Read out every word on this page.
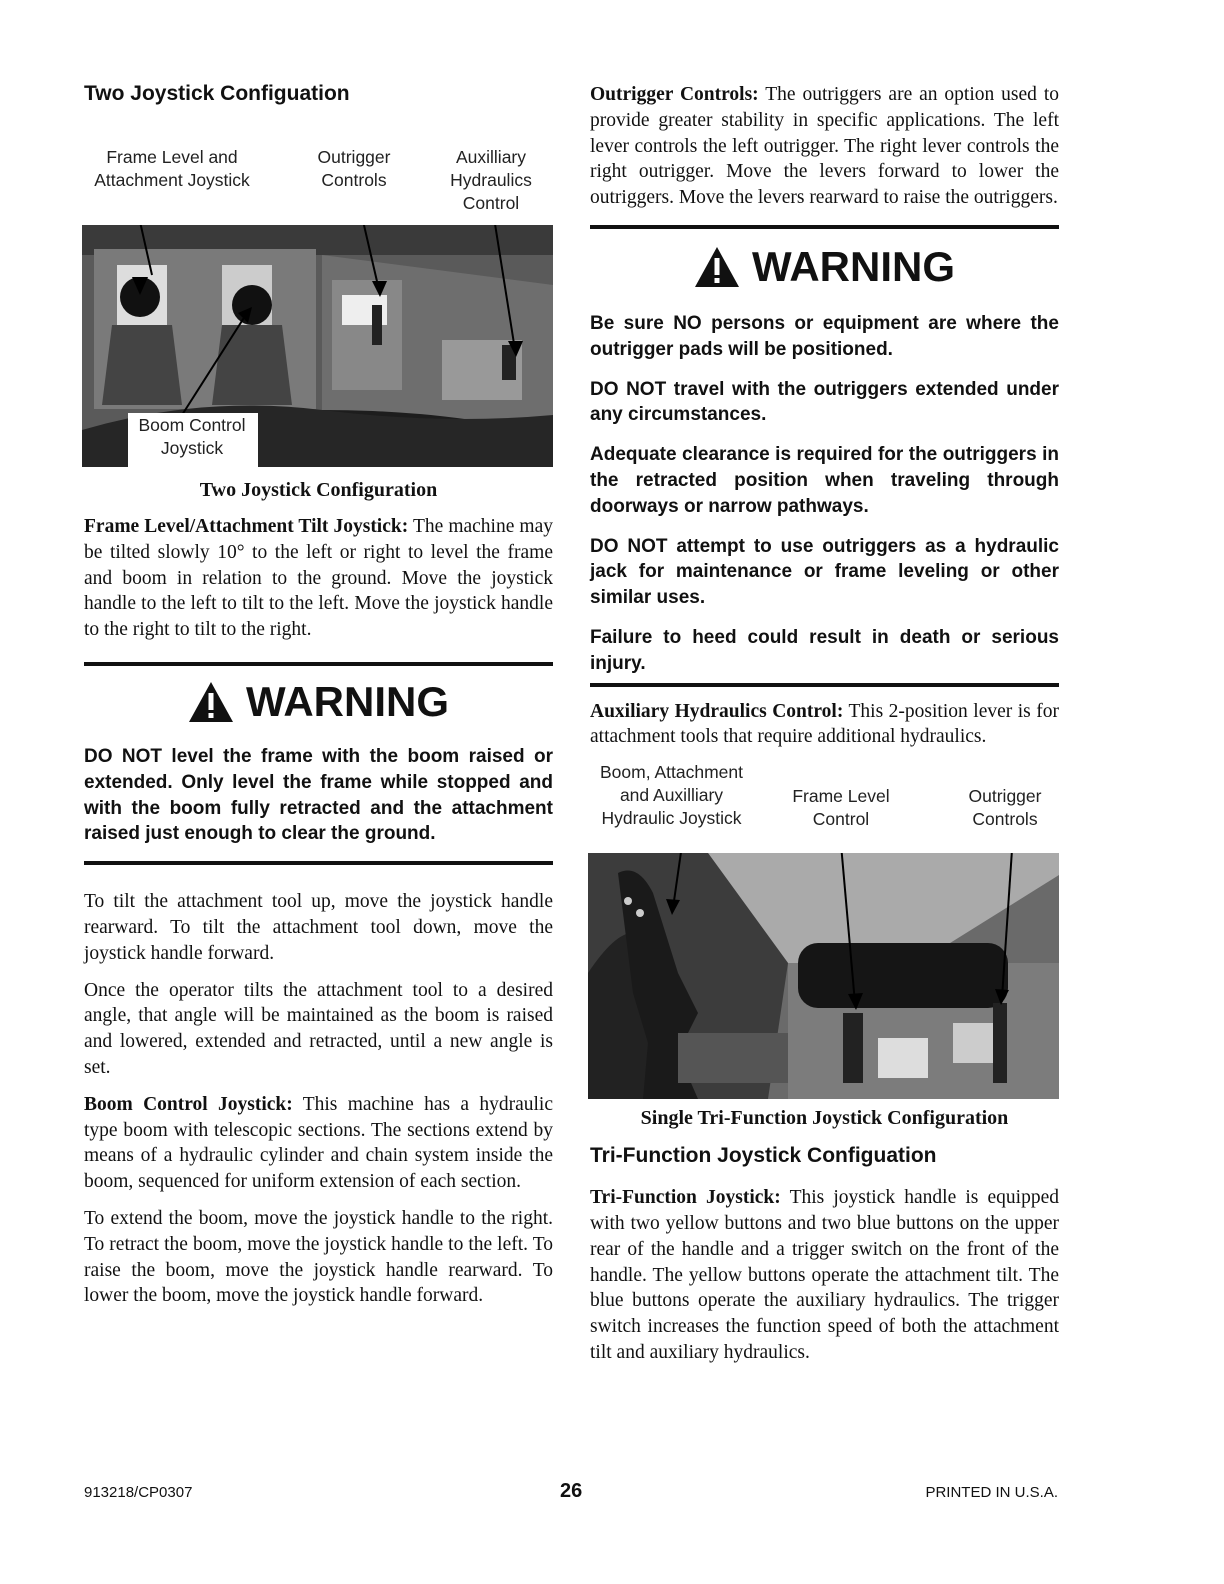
Two Joystick Configuation
Frame Level and Attachment Joystick
Outrigger Controls
Auxilliary Hydraulics Control
Boom Control Joystick
Two Joystick Configuration

Frame Level/Attachment Tilt Joystick: The machine may be tilted slowly 10° to the left or right to level the frame and boom in relation to the ground. Move the joystick handle to the left to tilt to the left. Move the joystick handle to the right to tilt to the right.

WARNING

DO NOT level the frame with the boom raised or extended. Only level the frame while stopped and with the boom fully retracted and the attachment raised just enough to clear the ground.

To tilt the attachment tool up, move the joystick handle rearward. To tilt the attachment tool down, move the joystick handle forward.

Once the operator tilts the attachment tool to a desired angle, that angle will be maintained as the boom is raised and lowered, extended and retracted, until a new angle is set.

Boom Control Joystick: This machine has a hydraulic type boom with telescopic sections. The sections extend by means of a hydraulic cylinder and chain system inside the boom, sequenced for uniform extension of each section.

To extend the boom, move the joystick handle to the right. To retract the boom, move the joystick handle to the left. To raise the boom, move the joystick handle rearward. To lower the boom, move the joystick handle forward.

Outrigger Controls: The outriggers are an option used to provide greater stability in specific applications. The left lever controls the left outrigger. The right lever controls the right outrigger. Move the levers forward to lower the outriggers. Move the levers rearward to raise the outriggers.

WARNING

Be sure NO persons or equipment are where the outrigger pads will be positioned.

DO NOT travel with the outriggers extended under any circumstances.

Adequate clearance is required for the outriggers in the retracted position when traveling through doorways or narrow pathways.

DO NOT attempt to use outriggers as a hydraulic jack for maintenance or frame leveling or other similar uses.

Failure to heed could result in death or serious injury.

Auxiliary Hydraulics Control: This 2-position lever is for attachment tools that require additional hydraulics.

Boom, Attachment and Auxilliary Hydraulic Joystick
Frame Level Control
Outrigger Controls
Single Tri-Function Joystick Configuration
Tri-Function Joystick Configuation

Tri-Function Joystick: This joystick handle is equipped with two yellow buttons and two blue buttons on the upper rear of the handle and a trigger switch on the front of the handle. The yellow buttons operate the attachment tilt. The blue buttons operate the auxiliary hydraulics. The trigger switch increases the function speed of both the attachment tilt and auxiliary hydraulics.

913218/CP0307	26	PRINTED IN U.S.A.
